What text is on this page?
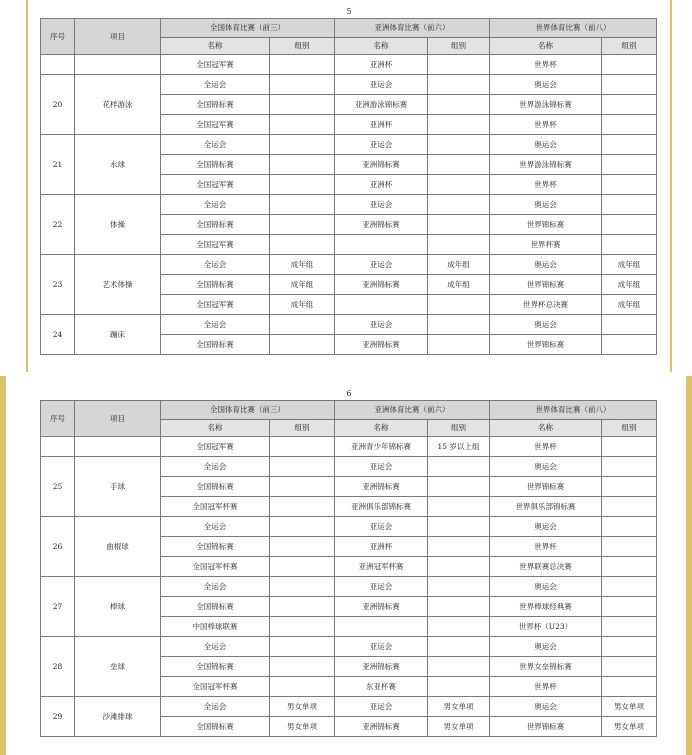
5
序号	项目	全国体育比赛（前三）		亚洲体育比赛（前六）		世界体育比赛（前八）	
		名称	组别	名称	组别	名称	组别
		全国冠军赛		亚洲杯		世界杯	
20	花样游泳	全运会		亚运会		奥运会	
		全国锦标赛		亚洲游泳锦标赛		世界游泳锦标赛	
		全国冠军赛		亚洲杯		世界杯	
21	水球	全运会		亚运会		奥运会	
		全国锦标赛		亚洲锦标赛		世界游泳锦标赛	
		全国冠军赛		亚洲杯		世界杯	
22	体操	全运会		亚运会		奥运会	
		全国锦标赛		亚洲锦标赛		世界锦标赛	
		全国冠军赛				世界杯赛	
23	艺术体操	全运会	成年组	亚运会	成年组	奥运会	成年组
		全国锦标赛	成年组	亚洲锦标赛	成年组	世界锦标赛	成年组
		全国冠军赛	成年组			世界杯总决赛	成年组
24	蹦床	全运会		亚运会		奥运会	
		全国锦标赛		亚洲锦标赛		世界锦标赛	
6
序号	项目	全国体育比赛（前三）		亚洲体育比赛（前六）		世界体育比赛（前八）	
		名称	组别	名称	组别	名称	组别
		全国冠军赛		亚洲青少年锦标赛	15 岁以上组	世界杯	
25	手球	全运会		亚运会		奥运会	
		全国锦标赛		亚洲锦标赛		世界锦标赛	
		全国冠军杯赛		亚洲俱乐部锦标赛		世界俱乐部锦标赛	
26	曲棍球	全运会		亚运会		奥运会	
		全国锦标赛		亚洲杯		世界杯	
		全国冠军杯赛		亚洲冠军杯赛		世界联赛总决赛	
27	棒球	全运会		亚运会		奥运会	
		全国锦标赛		亚洲锦标赛		世界棒球经典赛	
		中国棒球联赛				世界杯（U23）	
28	垒球	全运会		亚运会		奥运会	
		全国锦标赛		亚洲锦标赛		世界女垒锦标赛	
		全国冠军杯赛		东亚杯赛		世界杯	
29	沙滩排球	全运会	男女单项	亚运会	男女单项	奥运会	男女单项
		全国锦标赛	男女单项	亚洲锦标赛	男女单项	世界锦标赛	男女单项
